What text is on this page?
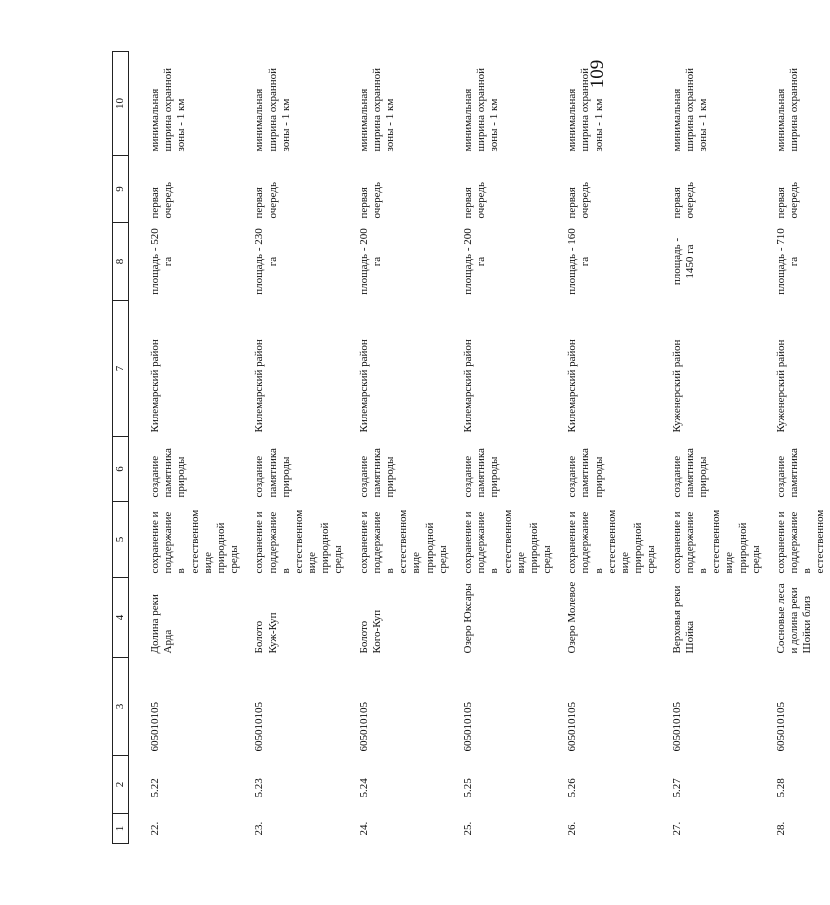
109
1	2	3	4	5	6	7	8	9	10
22.	5.22	605010105	Долина реки Арда	сохранение и поддержание в естественном виде природной среды	создание памятника природы	Килемарский район	площадь - 520 га	первая очередь	минимальная ширина охранной зоны - 1 км
23.	5.23	605010105	Болото Куж‑Куп	сохранение и поддержание в естественном виде природной среды	создание памятника природы	Килемарский район	площадь - 230 га	первая очередь	минимальная ширина охранной зоны - 1 км
24.	5.24	605010105	Болото Кого‑Куп	сохранение и поддержание в естественном виде природной среды	создание памятника природы	Килемарский район	площадь - 200 га	первая очередь	минимальная ширина охранной зоны - 1 км
25.	5.25	605010105	Озеро Юксары	сохранение и поддержание в естественном виде природной среды	создание памятника природы	Килемарский район	площадь - 200 га	первая очередь	минимальная ширина охранной зоны - 1 км
26.	5.26	605010105	Озеро Молевое	сохранение и поддержание в естественном виде природной среды	создание памятника природы	Килемарский район	площадь - 160 га	первая очередь	минимальная ширина охранной зоны - 1 км
27.	5.27	605010105	Верховья реки Шойка	сохранение и поддержание в естественном виде природной среды	создание памятника природы	Куженерский район	площадь - 1450 га	первая очередь	минимальная ширина охранной зоны - 1 км
28.	5.28	605010105	Сосновые леса и долина реки Шойки близ	сохранение и поддержание в естественном	создание памятника	Куженерский район	площадь - 710 га	первая очередь	минимальная ширина охранной
